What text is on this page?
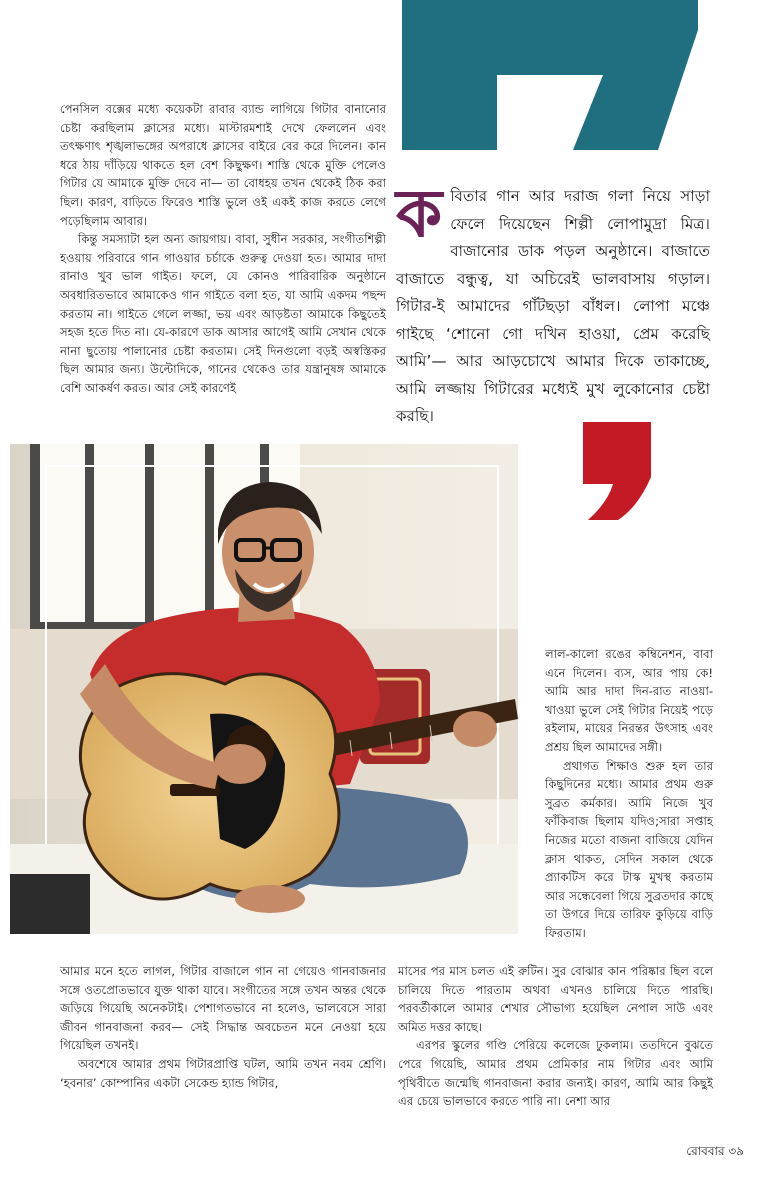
কবিতার গান আর দরাজ গলা নিয়ে সাড়া ফেলে দিয়েছেন শিল্পী লোপামুদ্রা মিত্র। বাজানোর ডাক পড়ল অনুষ্ঠানে। বাজাতে বাজাতে বন্ধুত্ব, যা অচিরেই ভালবাসায় গড়াল। গিটার-ই আমাদের গাঁটছড়া বাঁধল। লোপা মঞ্চে গাইছে ‘শোনো গো দখিন হাওয়া, প্রেম করেছি আমি’— আর আড়চোখে আমার দিকে তাকাচ্ছে, আমি লজ্জায় গিটারের মধ্যেই মুখ লুকোনোর চেষ্টা করছি।

পেনসিল বক্সের মধ্যে কয়েকটা রাবার ব্যান্ড লাগিয়ে গিটার বানানোর চেষ্টা করছিলাম ক্লাসের মধ্যে। মাস্টারমশাই দেখে ফেললেন এবং তৎক্ষণাৎ শৃঙ্খলাভঙ্গের অপরাধে ক্লাসের বাইরে বের করে দিলেন। কান ধরে ঠায় দাঁড়িয়ে থাকতে হল বেশ কিছুক্ষণ। শাস্তি থেকে মুক্তি পেলেও গিটার যে আমাকে মুক্তি দেবে না— তা বোধহয় তখন থেকেই ঠিক করা ছিল। কারণ, বাড়িতে ফিরেও শাস্তি ভুলে ওই একই কাজ করতে লেগে পড়েছিলাম আবার।

কিন্তু সমস্যাটা হল অন্য জায়গায়। বাবা, সুধীন সরকার, সংগীতশিল্পী হওয়ায় পরিবারে গান গাওয়ার চর্চাকে গুরুত্ব দেওয়া হত। আমার দাদা রানাও খুব ভাল গাইত। ফলে, যে কোনও পারিবারিক অনুষ্ঠানে অবধারিতভাবে আমাকেও গান গাইতে বলা হত, যা আমি একদম পছন্দ করতাম না। গাইতে গেলে লজ্জা, ভয় এবং আড়ষ্টতা আমাকে কিছুতেই সহজ হতে দিত না। যে-কারণে ডাক আসার আগেই আমি সেখান থেকে নানা ছুতোয় পালানোর চেষ্টা করতাম। সেই দিনগুলো বড়ই অস্বস্তিকর ছিল আমার জন্য। উল্টোদিকে, গানের থেকেও তার যন্ত্রানুষঙ্গ আমাকে বেশি আকর্ষণ করত। আর সেই কারণেই

লাল-কালো রঙের কম্বিনেশন, বাবা এনে দিলেন। ব্যস, আর পায় কে! আমি আর দাদা দিন-রাত নাওয়া-খাওয়া ভুলে সেই গিটার নিয়েই পড়ে রইলাম, মায়ের নিরন্তর উৎসাহ এবং প্রশ্রয় ছিল আমাদের সঙ্গী।

প্রথাগত শিক্ষাও শুরু হল তার কিছুদিনের মধ্যে। আমার প্রথম গুরু সুব্রত কর্মকার। আমি নিজে খুব ফাঁকিবাজ ছিলাম যদিও;সারা সপ্তাহ নিজের মতো বাজনা বাজিয়ে যেদিন ক্লাস থাকত, সেদিন সকাল থেকে প্র্যাকটিস করে টাস্ক মুখস্থ করতাম আর সন্ধেবেলা গিয়ে সুব্রতদার কাছে তা উগরে দিয়ে তারিফ কুড়িয়ে বাড়ি ফিরতাম।

আমার মনে হতে লাগল, গিটার বাজালে গান না গেয়েও গানবাজনার সঙ্গে ওতপ্রোতভাবে যুক্ত থাকা যাবে। সংগীতের সঙ্গে তখন অন্তর থেকে জড়িয়ে গিয়েছি অনেকটাই। পেশাগতভাবে না হলেও, ভালবেসে সারা জীবন গানবাজনা করব— সেই সিদ্ধান্ত অবচেতন মনে নেওয়া হয়ে গিয়েছিল তখনই।

অবশেষে আমার প্রথম গিটারপ্রাপ্তি ঘটল, আমি তখন নবম শ্রেণি। ‘হবনার’ কোম্পানির একটা সেকেন্ড হ্যান্ড গিটার,

মাসের পর মাস চলত এই রুটিন। সুর বোঝার কান পরিষ্কার ছিল বলে চালিয়ে দিতে পারতাম অথবা এখনও চালিয়ে দিতে পারছি। পরবর্তীকালে আমার শেখার সৌভাগ্য হয়েছিল নেপাল সাউ এবং অমিত দত্তর কাছে।

এরপর স্কুলের গণ্ডি পেরিয়ে কলেজে ঢুকলাম। ততদিনে বুঝতে পেরে গিয়েছি, আমার প্রথম প্রেমিকার নাম গিটার এবং আমি পৃথিবীতে জন্মেছি গানবাজনা করার জন্যই। কারণ, আমি আর কিছুই এর চেয়ে ভালভাবে করতে পারি না। নেশা আর

রোববার ৩৯
